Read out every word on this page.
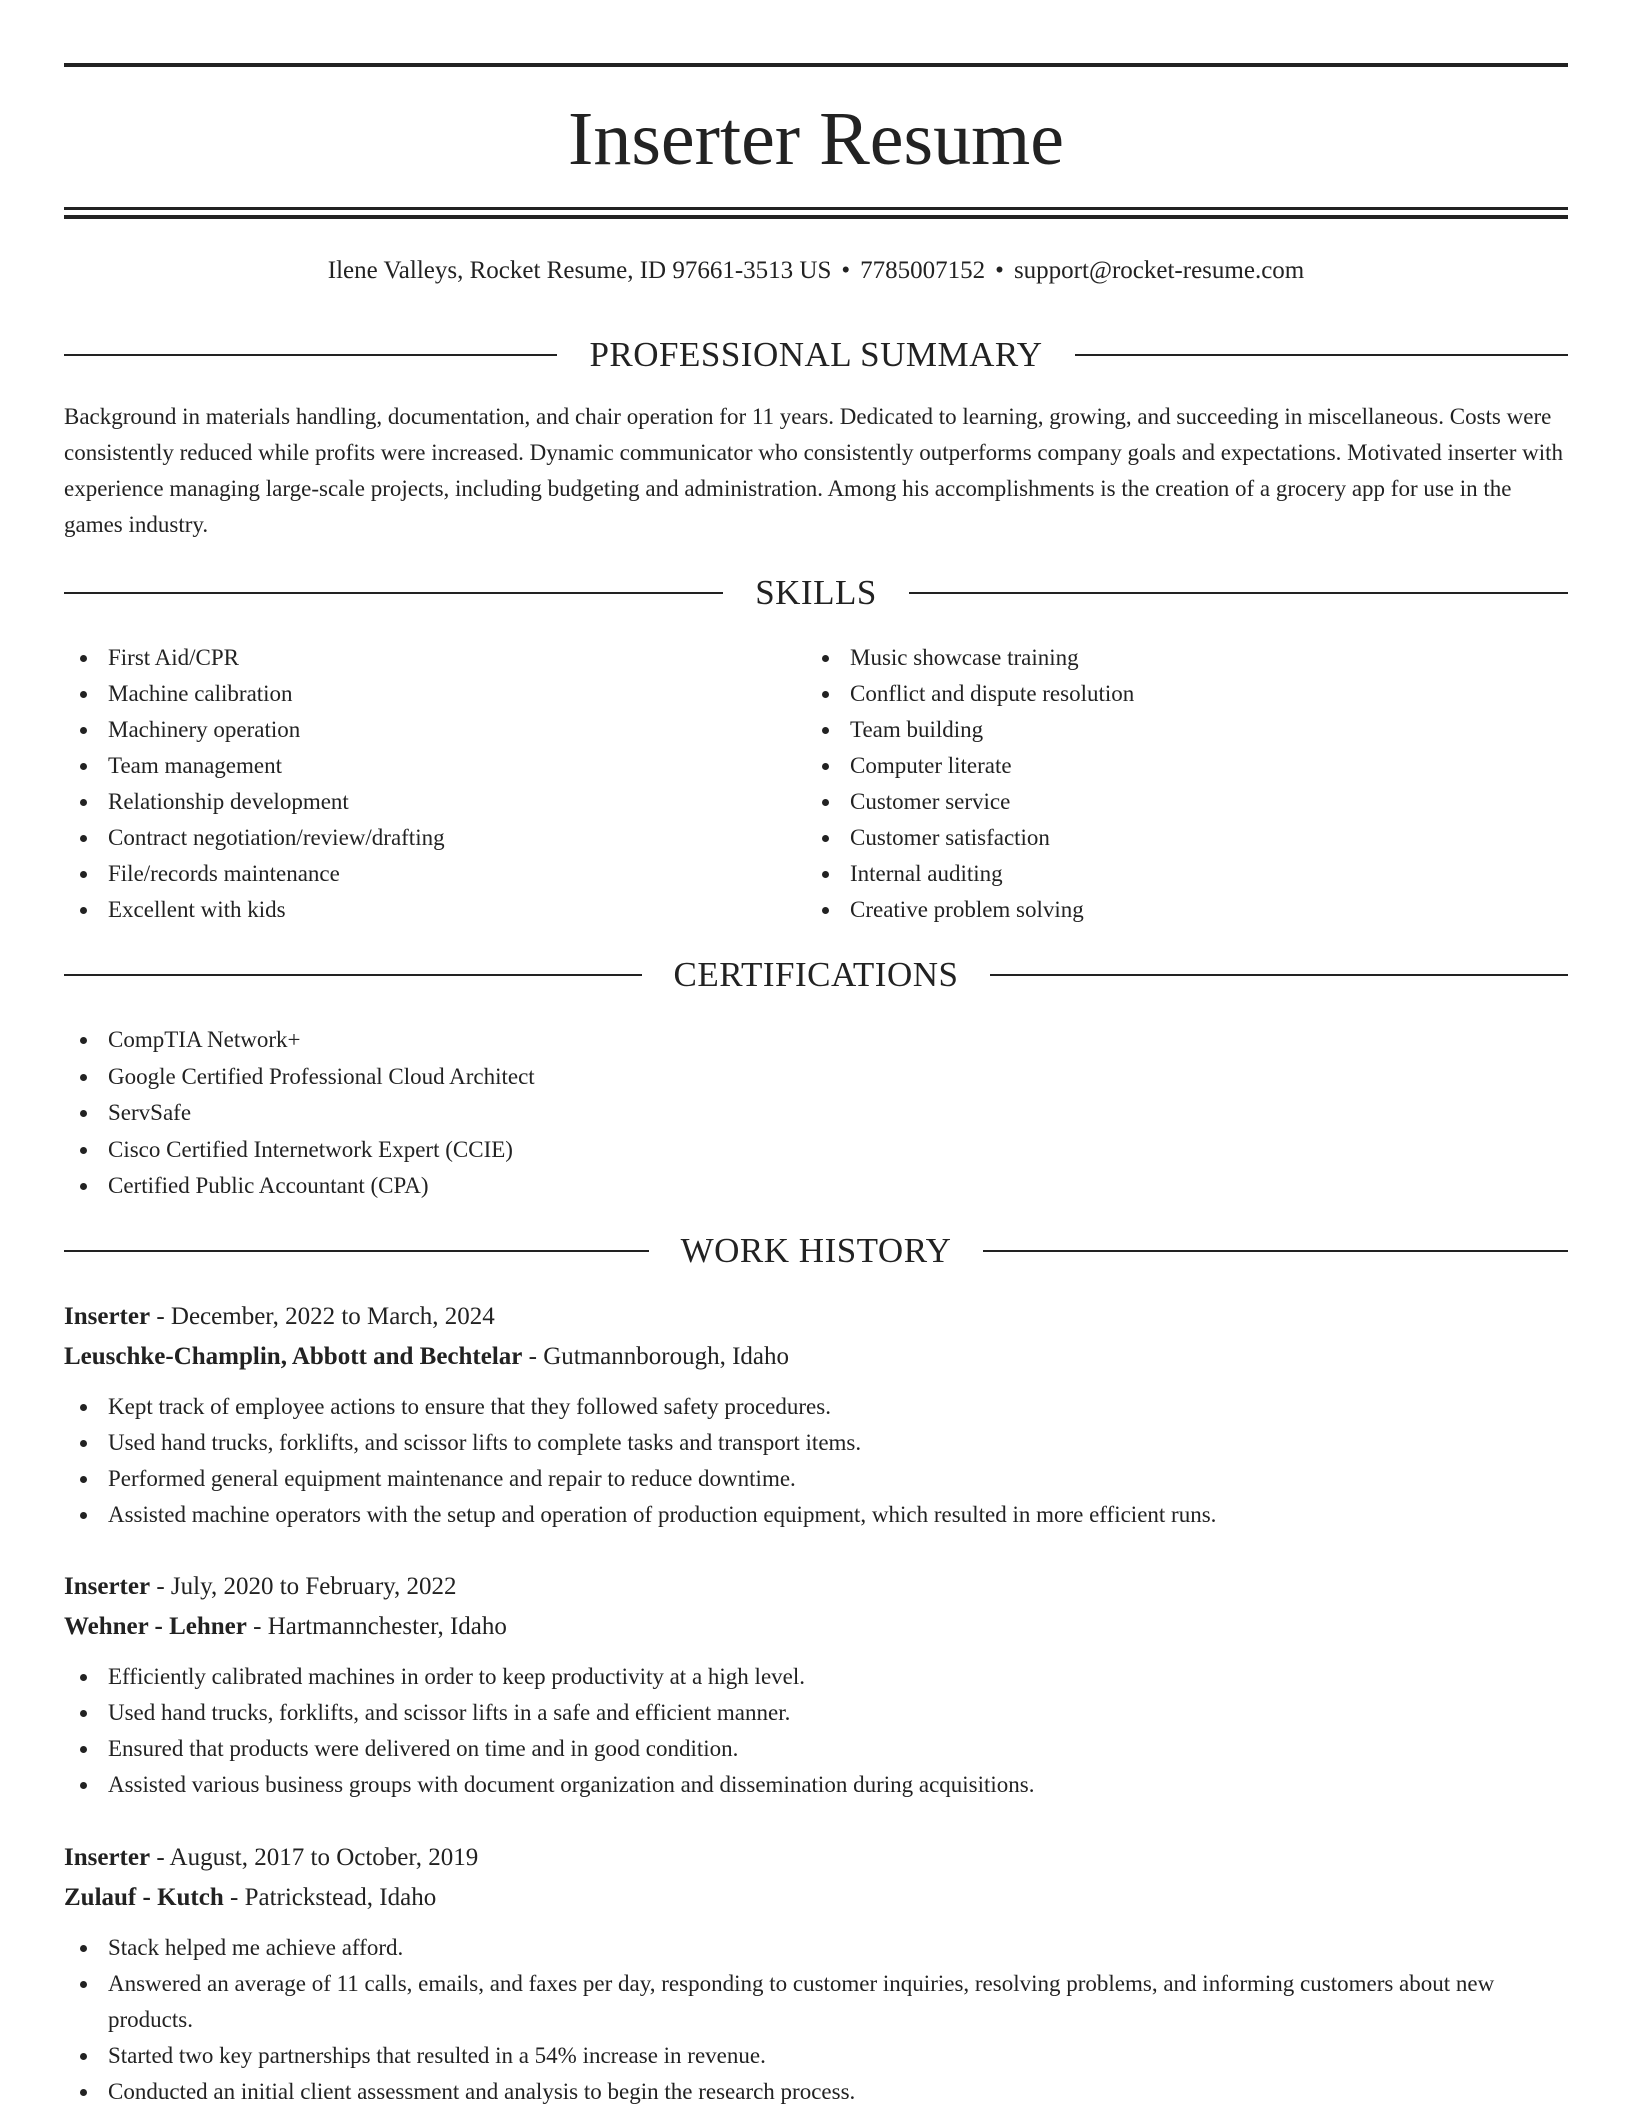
Inserter Resume
Ilene Valleys, Rocket Resume, ID 97661-3513 US • 7785007152 • support@rocket-resume.com
PROFESSIONAL SUMMARY

Background in materials handling, documentation, and chair operation for 11 years. Dedicated to learning, growing, and succeeding in miscellaneous. Costs were consistently reduced while profits were increased. Dynamic communicator who consistently outperforms company goals and expectations. Motivated inserter with experience managing large-scale projects, including budgeting and administration. Among his accomplishments is the creation of a grocery app for use in the games industry.

SKILLS
First Aid/CPR
Machine calibration
Machinery operation
Team management
Relationship development
Contract negotiation/review/drafting
File/records maintenance
Excellent with kids
Music showcase training
Conflict and dispute resolution
Team building
Computer literate
Customer service
Customer satisfaction
Internal auditing
Creative problem solving
CERTIFICATIONS
CompTIA Network+
Google Certified Professional Cloud Architect
ServSafe
Cisco Certified Internetwork Expert (CCIE)
Certified Public Accountant (CPA)
WORK HISTORY
Inserter - December, 2022 to March, 2024
Leuschke-Champlin, Abbott and Bechtelar - Gutmannborough, Idaho
Kept track of employee actions to ensure that they followed safety procedures.
Used hand trucks, forklifts, and scissor lifts to complete tasks and transport items.
Performed general equipment maintenance and repair to reduce downtime.
Assisted machine operators with the setup and operation of production equipment, which resulted in more efficient runs.
Inserter - July, 2020 to February, 2022
Wehner - Lehner - Hartmannchester, Idaho
Efficiently calibrated machines in order to keep productivity at a high level.
Used hand trucks, forklifts, and scissor lifts in a safe and efficient manner.
Ensured that products were delivered on time and in good condition.
Assisted various business groups with document organization and dissemination during acquisitions.
Inserter - August, 2017 to October, 2019
Zulauf - Kutch - Patrickstead, Idaho
Stack helped me achieve afford.
Answered an average of 11 calls, emails, and faxes per day, responding to customer inquiries, resolving problems, and informing customers about new products.
Started two key partnerships that resulted in a 54% increase in revenue.
Conducted an initial client assessment and analysis to begin the research process.
